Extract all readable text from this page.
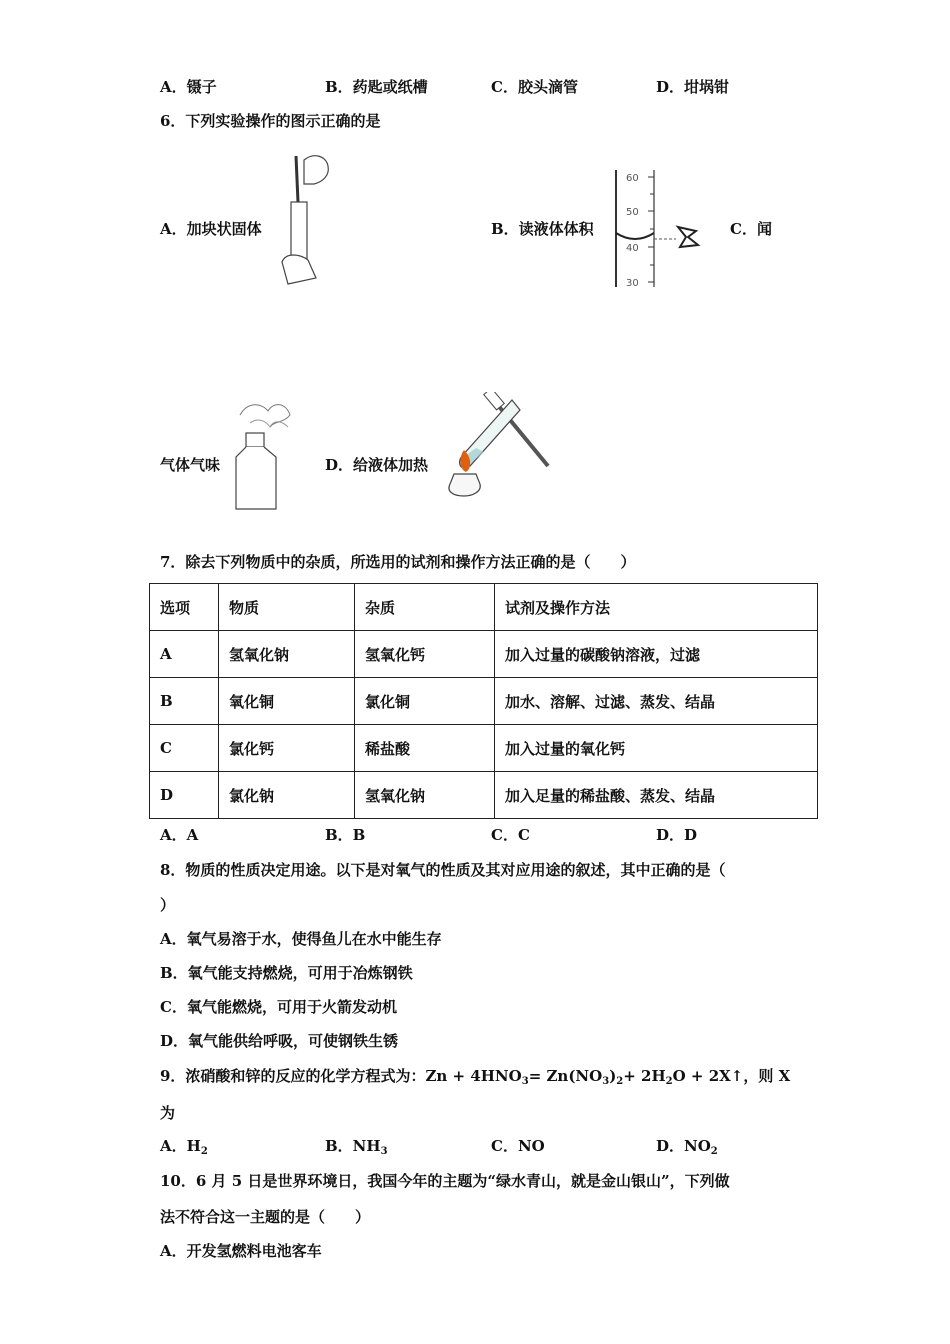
A．镊子	B．药匙或纸槽	C．胶头滴管	D．坩埚钳
6．下列实验操作的图示正确的是
A．加块状固体	B．读液体体积
60
50
40
30
C．闻
气体气味	D．给液体加热
7．除去下列物质中的杂质，所选用的试剂和操作方法正确的是（　　）
选项	物质	杂质	试剂及操作方法
A	氢氧化钠	氢氧化钙	加入过量的碳酸钠溶液，过滤
B	氧化铜	氯化铜	加水、溶解、过滤、蒸发、结晶
C	氯化钙	稀盐酸	加入过量的氧化钙
D	氯化钠	氢氧化钠	加入足量的稀盐酸、蒸发、结晶
A．A	B．B	C．C	D．D
8．物质的性质决定用途。以下是对氧气的性质及其对应用途的叙述，其中正确的是（
）
A．氧气易溶于水，使得鱼儿在水中能生存
B．氧气能支持燃烧，可用于冶炼钢铁
C．氧气能燃烧，可用于火箭发动机
D．氧气能供给呼吸，可使钢铁生锈
9．浓硝酸和锌的反应的化学方程式为：$Zn + 4HNO_3= Zn(NO_3)_2+ 2H_2O$ + 2X↑，则 X
为
A．$H_2$	B．$NH_3$	C．NO	D．$NO_2$
10．6 月 5 日是世界环境日，我国今年的主题为“绿水青山，就是金山银山”，下列做
法不符合这一主题的是（　　）
A．开发氢燃料电池客车
